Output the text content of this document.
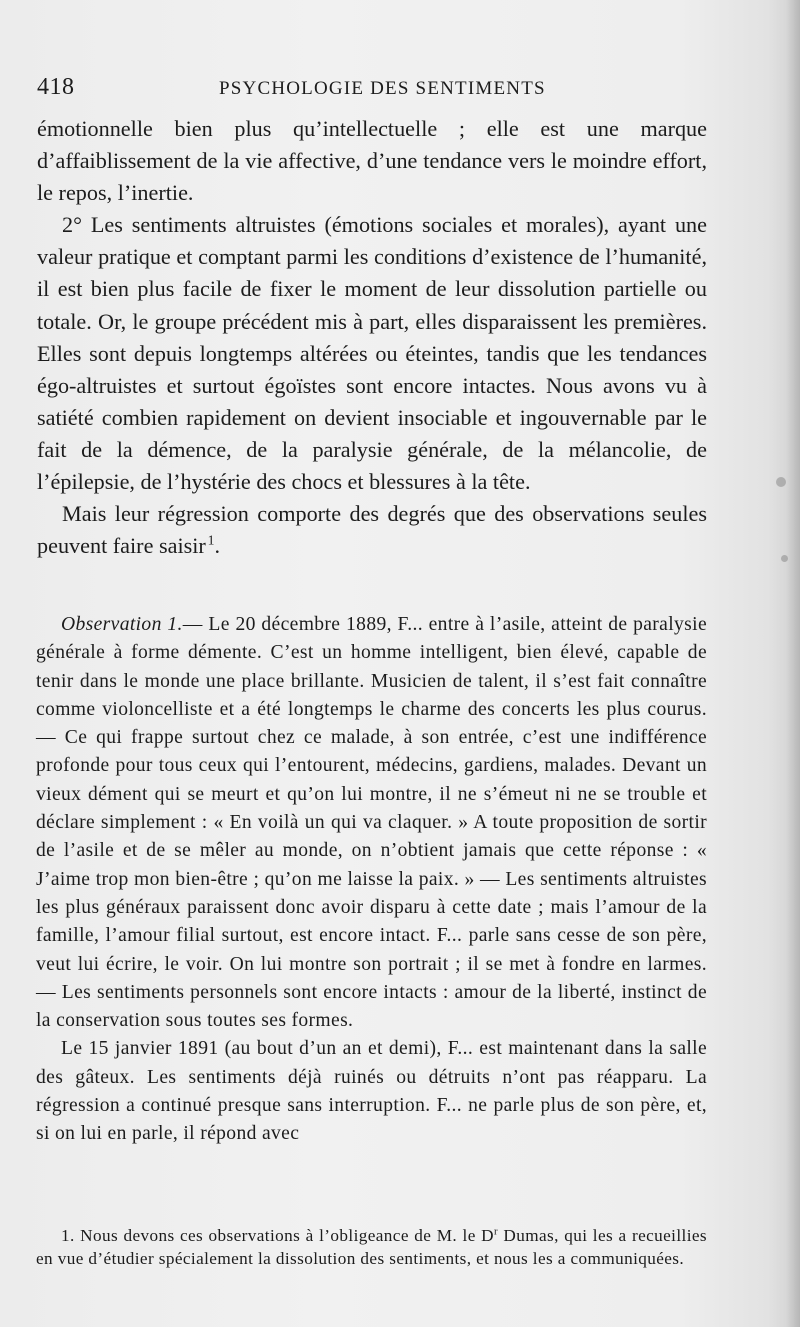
418	PSYCHOLOGIE DES SENTIMENTS

émotionnelle bien plus qu’intellectuelle ; elle est une marque d’affaiblissement de la vie affective, d’une tendance vers le moindre effort, le repos, l’inertie.

2° Les sentiments altruistes (émotions sociales et morales), ayant une valeur pratique et comptant parmi les conditions d’existence de l’humanité, il est bien plus facile de fixer le moment de leur dissolution partielle ou totale. Or, le groupe précédent mis à part, elles disparaissent les premières. Elles sont depuis longtemps altérées ou éteintes, tandis que les tendances égo-altruistes et surtout égoïstes sont encore intactes. Nous avons vu à satiété combien rapidement on devient insociable et ingouvernable par le fait de la démence, de la paralysie générale, de la mélancolie, de l’épilepsie, de l’hystérie des chocs et blessures à la tête.

Mais leur régression comporte des degrés que des observations seules peuvent faire saisir  $^1$.

Observation 1.— Le 20 décembre 1889, F... entre à l’asile, atteint de paralysie générale à forme démente. C’est un homme intelligent, bien élevé, capable de tenir dans le monde une place brillante. Musicien de talent, il s’est fait connaître comme violoncelliste et a été longtemps le charme des concerts les plus courus. — Ce qui frappe surtout chez ce malade, à son entrée, c’est une indifférence profonde pour tous ceux qui l’entourent, médecins, gardiens, malades. Devant un vieux dément qui se meurt et qu’on lui montre, il ne s’émeut ni ne se trouble et déclare simplement : « En voilà un qui va claquer. » A toute proposition de sortir de l’asile et de se mêler au monde, on n’obtient jamais que cette réponse : « J’aime trop mon bien-être ; qu’on me laisse la paix. » — Les sentiments altruistes les plus généraux paraissent donc avoir disparu à cette date ; mais l’amour de la famille, l’amour filial surtout, est encore intact. F... parle sans cesse de son père, veut lui écrire, le voir. On lui montre son portrait ; il se met à fondre en larmes. — Les sentiments personnels sont encore intacts : amour de la liberté, instinct de la conservation sous toutes ses formes.

Le 15 janvier 1891 (au bout d’un an et demi), F... est maintenant dans la salle des gâteux. Les sentiments déjà ruinés ou détruits n’ont pas réapparu. La régression a continué presque sans interruption. F... ne parle plus de son père, et, si on lui en parle, il répond avec

1. Nous devons ces observations à l’obligeance de M. le $D^r$ Dumas, qui les a recueillies en vue d’étudier spécialement la dissolution des sentiments, et nous les a communiquées.
